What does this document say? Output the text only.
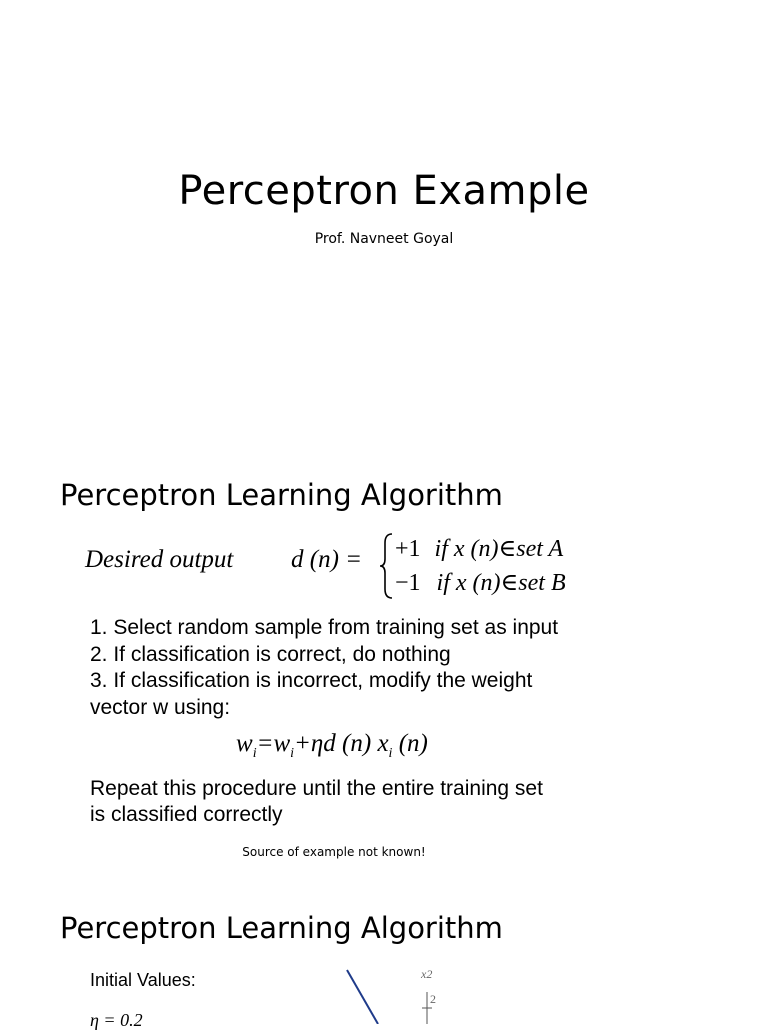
Perceptron Example
Prof. Navneet Goyal
Perceptron Learning Algorithm
Desired output d (n) = +1 if x (n)∈set A
−1 if x (n)∈set B
1. Select random sample from training set as input
2. If classification is correct, do nothing
3. If classification is incorrect, modify the weight
vector w using:
$w_i=w_i+\eta d$ (n) $x_i$ (n)
Repeat this procedure until the entire training set
is classified correctly
Source of example not known!
Perceptron Learning Algorithm
Initial Values:
η = 0.2
x2
2
